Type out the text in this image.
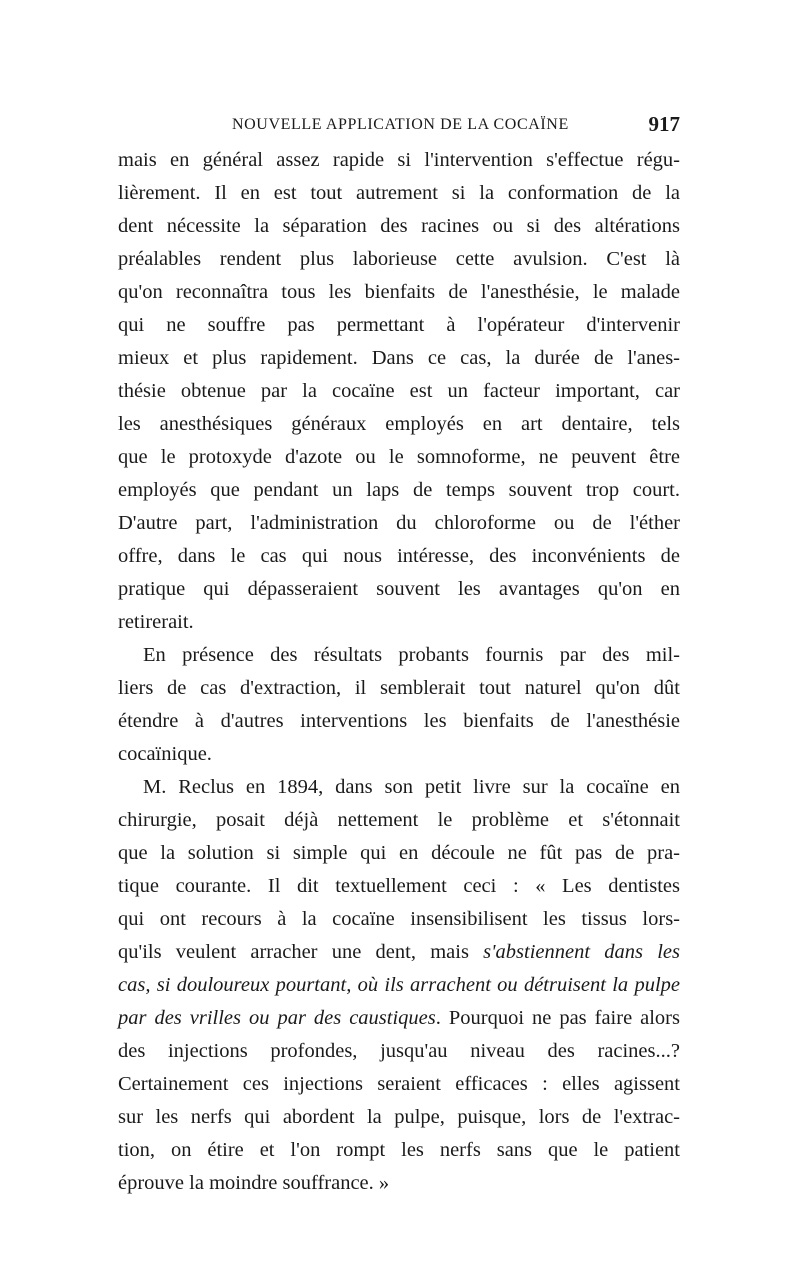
NOUVELLE APPLICATION DE LA COCAÏNE	917
mais en général assez rapide si l'intervention s'effectue régu-
lièrement. Il en est tout autrement si la conformation de la
dent nécessite la séparation des racines ou si des altérations
préalables rendent plus laborieuse cette avulsion. C'est là
qu'on reconnaîtra tous les bienfaits de l'anesthésie, le malade
qui ne souffre pas permettant à l'opérateur d'intervenir
mieux et plus rapidement. Dans ce cas, la durée de l'anes-
thésie obtenue par la cocaïne est un facteur important, car
les anesthésiques généraux employés en art dentaire, tels
que le protoxyde d'azote ou le somnoforme, ne peuvent être
employés que pendant un laps de temps souvent trop court.
D'autre part, l'administration du chloroforme ou de l'éther
offre, dans le cas qui nous intéresse, des inconvénients de
pratique qui dépasseraient souvent les avantages qu'on en
retirerait.
En présence des résultats probants fournis par des mil-
liers de cas d'extraction, il semblerait tout naturel qu'on dût
étendre à d'autres interventions les bienfaits de l'anesthésie
cocaïnique.
M. Reclus en 1894, dans son petit livre sur la cocaïne en
chirurgie, posait déjà nettement le problème et s'étonnait
que la solution si simple qui en découle ne fût pas de pra-
tique courante. Il dit textuellement ceci : « Les dentistes
qui ont recours à la cocaïne insensibilisent les tissus lors-
qu'ils veulent arracher une dent, mais s'abstiennent dans les
cas, si douloureux pourtant, où ils arrachent ou détruisent la pulpe
par des vrilles ou par des caustiques. Pourquoi ne pas faire alors
des injections profondes, jusqu'au niveau des racines...?
Certainement ces injections seraient efficaces : elles agissent
sur les nerfs qui abordent la pulpe, puisque, lors de l'extrac-
tion, on étire et l'on rompt les nerfs sans que le patient
éprouve la moindre souffrance. »
